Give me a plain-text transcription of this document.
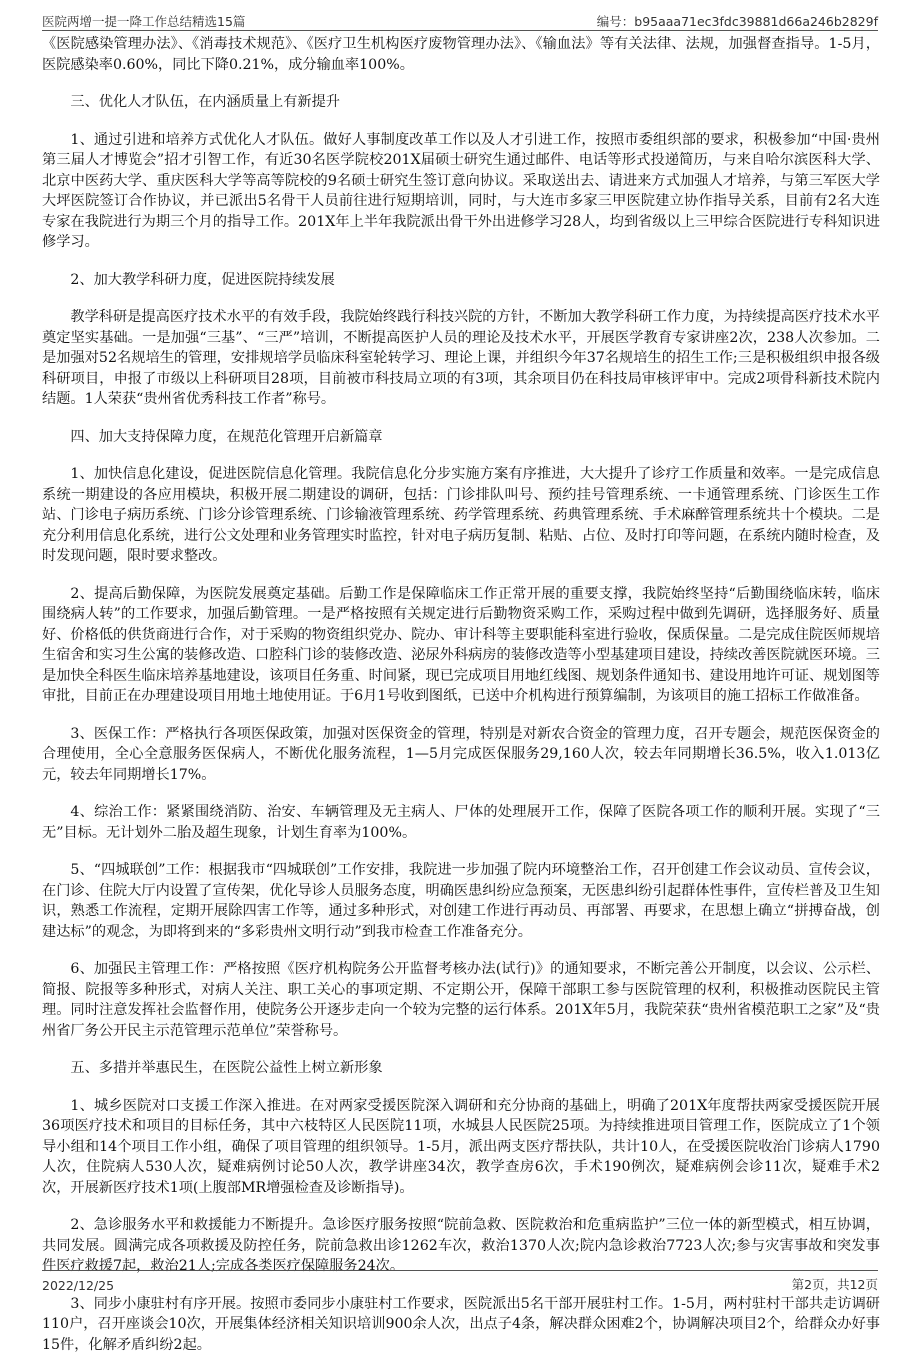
医院两增一提一降工作总结精选15篇	编号：b95aaa71ec3fdc39881d66a246b2829f

《医院感染管理办法》、《消毒技术规范》、《医疗卫生机构医疗废物管理办法》、《输血法》等有关法律、法规，加强督查指导。1-5月，医院感染率0.60%，同比下降0.21%，成分输血率100%。

三、优化人才队伍，在内涵质量上有新提升

1、通过引进和培养方式优化人才队伍。做好人事制度改革工作以及人才引进工作，按照市委组织部的要求，积极参加“中国·贵州第三届人才博览会”招才引智工作，有近30名医学院校201X届硕士研究生通过邮件、电话等形式投递简历，与来自哈尔滨医科大学、北京中医药大学、重庆医科大学等高等院校的9名硕士研究生签订意向协议。采取送出去、请进来方式加强人才培养，与第三军医大学大坪医院签订合作协议，并已派出5名骨干人员前往进行短期培训，同时，与大连市多家三甲医院建立协作指导关系，目前有2名大连专家在我院进行为期三个月的指导工作。201X年上半年我院派出骨干外出进修学习28人，均到省级以上三甲综合医院进行专科知识进修学习。

2、加大教学科研力度，促进医院持续发展

教学科研是提高医疗技术水平的有效手段，我院始终践行科技兴院的方针，不断加大教学科研工作力度，为持续提高医疗技术水平奠定坚实基础。一是加强“三基”、“三严”培训，不断提高医护人员的理论及技术水平，开展医学教育专家讲座2次，238人次参加。二是加强对52名规培生的管理，安排规培学员临床科室轮转学习、理论上课，并组织今年37名规培生的招生工作;三是积极组织申报各级科研项目，申报了市级以上科研项目28项，目前被市科技局立项的有3项，其余项目仍在科技局审核评审中。完成2项骨科新技术院内结题。1人荣获“贵州省优秀科技工作者”称号。

四、加大支持保障力度，在规范化管理开启新篇章

1、加快信息化建设，促进医院信息化管理。我院信息化分步实施方案有序推进，大大提升了诊疗工作质量和效率。一是完成信息系统一期建设的各应用模块，积极开展二期建设的调研，包括：门诊排队叫号、预约挂号管理系统、一卡通管理系统、门诊医生工作站、门诊电子病历系统、门诊分诊管理系统、门诊输液管理系统、药学管理系统、药典管理系统、手术麻醉管理系统共十个模块。二是充分利用信息化系统，进行公文处理和业务管理实时监控，针对电子病历复制、粘贴、占位、及时打印等问题，在系统内随时检查，及时发现问题，限时要求整改。

2、提高后勤保障，为医院发展奠定基础。后勤工作是保障临床工作正常开展的重要支撑，我院始终坚持“后勤围绕临床转，临床围绕病人转”的工作要求，加强后勤管理。一是严格按照有关规定进行后勤物资采购工作，采购过程中做到先调研，选择服务好、质量好、价格低的供货商进行合作，对于采购的物资组织党办、院办、审计科等主要职能科室进行验收，保质保量。二是完成住院医师规培生宿舍和实习生公寓的装修改造、口腔科门诊的装修改造、泌尿外科病房的装修改造等小型基建项目建设，持续改善医院就医环境。三是加快全科医生临床培养基地建设，该项目任务重、时间紧，现已完成项目用地红线图、规划条件通知书、建设用地许可证、规划图等审批，目前正在办理建设项目用地土地使用证。于6月1号收到图纸，已送中介机构进行预算编制，为该项目的施工招标工作做准备。

3、医保工作：严格执行各项医保政策，加强对医保资金的管理，特别是对新农合资金的管理力度，召开专题会，规范医保资金的合理使用，全心全意服务医保病人，不断优化服务流程，1—5月完成医保服务29,160人次，较去年同期增长36.5%，收入1.013亿元，较去年同期增长17%。

4、综治工作：紧紧围绕消防、治安、车辆管理及无主病人、尸体的处理展开工作，保障了医院各项工作的顺利开展。实现了“三无”目标。无计划外二胎及超生现象，计划生育率为100%。

5、“四城联创”工作：根据我市“四城联创”工作安排，我院进一步加强了院内环境整治工作，召开创建工作会议动员、宣传会议，在门诊、住院大厅内设置了宣传架，优化导诊人员服务态度，明确医患纠纷应急预案，无医患纠纷引起群体性事件，宣传栏普及卫生知识，熟悉工作流程，定期开展除四害工作等，通过多种形式，对创建工作进行再动员、再部署、再要求，在思想上确立“拼搏奋战，创建达标”的观念，为即将到来的“多彩贵州文明行动”到我市检查工作准备充分。

6、加强民主管理工作：严格按照《医疗机构院务公开监督考核办法(试行)》的通知要求，不断完善公开制度，以会议、公示栏、简报、院报等多种形式，对病人关注、职工关心的事项定期、不定期公开，保障干部职工参与医院管理的权利，积极推动医院民主管理。同时注意发挥社会监督作用，使院务公开逐步走向一个较为完整的运行体系。201X年5月，我院荣获“贵州省模范职工之家”及“贵州省厂务公开民主示范管理示范单位”荣誉称号。

五、多措并举惠民生，在医院公益性上树立新形象

1、城乡医院对口支援工作深入推进。在对两家受援医院深入调研和充分协商的基础上，明确了201X年度帮扶两家受援医院开展36项医疗技术和项目的目标任务，其中六枝特区人民医院11项，水城县人民医院25项。为持续推进项目管理工作，医院成立了1个领导小组和14个项目工作小组，确保了项目管理的组织领导。1-5月，派出两支医疗帮扶队，共计10人，在受援医院收治门诊病人1790人次，住院病人530人次，疑难病例讨论50人次，教学讲座34次，教学查房6次，手术190例次，疑难病例会诊11次，疑难手术2 次，开展新医疗技术1项(上腹部MR增强检查及诊断指导)。

2、急诊服务水平和救援能力不断提升。急诊医疗服务按照“院前急救、医院救治和危重病监护”三位一体的新型模式，相互协调，共同发展。圆满完成各项救援及防控任务，院前急救出诊1262车次，救治1370人次;院内急诊救治7723人次;参与灾害事故和突发事件医疗救援7起，救治21人;完成各类医疗保障服务24次。

3、同步小康驻村有序开展。按照市委同步小康驻村工作要求，医院派出5名干部开展驻村工作。1-5月，两村驻村干部共走访调研110户，召开座谈会10次，开展集体经济相关知识培训900余人次，出点子4条，解决群众困难2个，协调解决项目2个，给群众办好事15件，化解矛盾纠纷2起。

2022/12/25	第2页，共12页
